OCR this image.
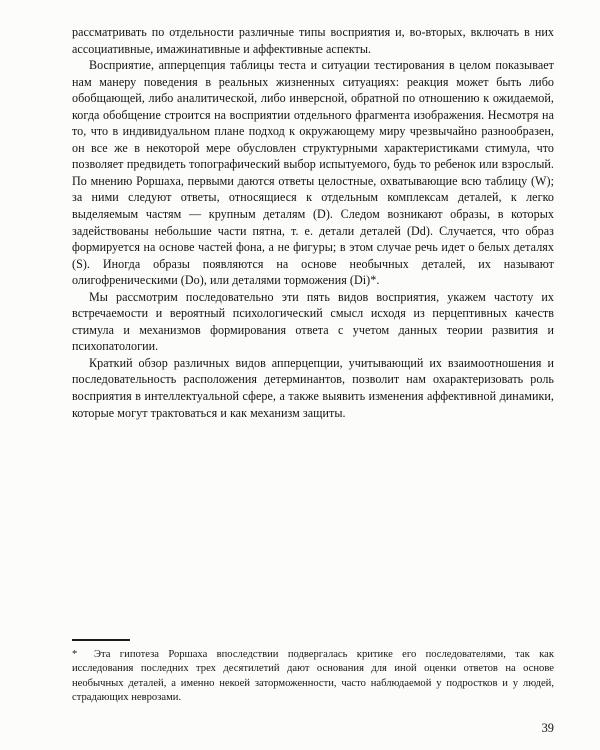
рассматривать по отдельности различные типы восприятия и, во-вторых, включать в них ассоциативные, имажинативные и аффективные аспекты.

Восприятие, апперцепция таблицы теста и ситуации тестирования в целом показывает нам манеру поведения в реальных жизненных ситуациях: реакция может быть либо обобщающей, либо аналитической, либо инверсной, обратной по отношению к ожидаемой, когда обобщение строится на восприятии отдельного фрагмента изображения. Несмотря на то, что в индивидуальном плане подход к окружающему миру чрезвычайно разнообразен, он все же в некоторой мере обусловлен структурными характеристиками стимула, что позволяет предвидеть топографический выбор испытуемого, будь то ребенок или взрослый. По мнению Роршаха, первыми даются ответы целостные, охватывающие всю таблицу (W); за ними следуют ответы, относящиеся к отдельным комплексам деталей, к легко выделяемым частям — крупным деталям (D). Следом возникают образы, в которых задействованы небольшие части пятна, т. е. детали деталей (Dd). Случается, что образ формируется на основе частей фона, а не фигуры; в этом случае речь идет о белых деталях (S). Иногда образы появляются на основе необычных деталей, их называют олигофреническими (Do), или деталями торможения (Di)*.

Мы рассмотрим последовательно эти пять видов восприятия, укажем частоту их встречаемости и вероятный психологический смысл исходя из перцептивных качеств стимула и механизмов формирования ответа с учетом данных теории развития и психопатологии.

Краткий обзор различных видов апперцепции, учитывающий их взаимоотношения и последовательность расположения детерминантов, позволит нам охарактеризовать роль восприятия в интеллектуальной сфере, а также выявить изменения аффективной динамики, которые могут трактоваться и как механизм защиты.

* Эта гипотеза Роршаха впоследствии подвергалась критике его последователями, так как исследования последних трех десятилетий дают основания для иной оценки ответов на основе необычных деталей, а именно некоей заторможенности, часто наблюдаемой у подростков и у людей, страдающих неврозами.
39
